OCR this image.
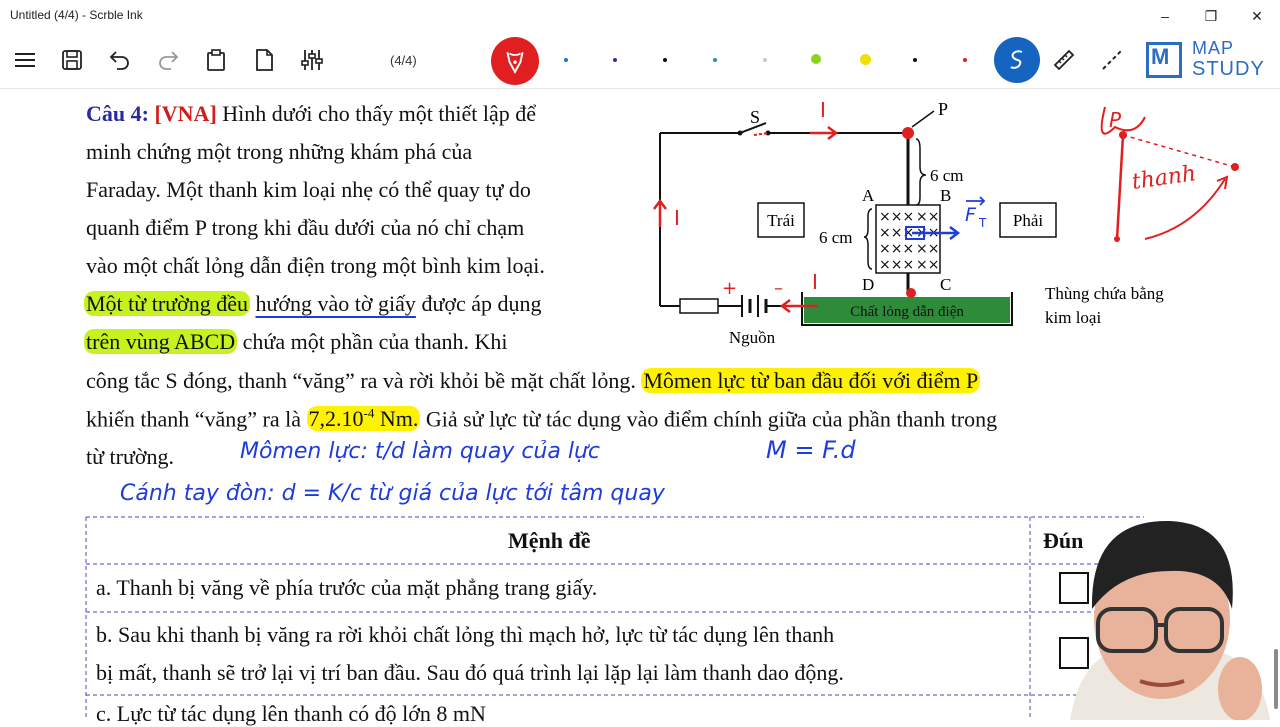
Untitled (4/4) - Scrble Ink	–	❐	✕
(4/4)	M MAP
STUDY
Câu 4: [VNA] Hình dưới cho thấy một thiết lập để
minh chứng một trong những khám phá của
Faraday. Một thanh kim loại nhẹ có thể quay tự do
quanh điểm P trong khi đầu dưới của nó chỉ chạm
vào một chất lỏng dẫn điện trong một bình kim loại.
Một từ trường đều hướng vào tờ giấy được áp dụng
trên vùng ABCD chứa một phần của thanh. Khi
công tắc S đóng, thanh “văng” ra và rời khỏi bề mặt chất lỏng. Mômen lực từ ban đầu đối với điểm P
khiến thanh “văng” ra là $7,2.10^{-4}$ Nm. Giả sử lực từ tác dụng vào điểm chính giữa của phần thanh trong
từ trường.	Mômen lực: t/d làm quay của lực	M = F.d
Cánh tay đòn: d = K/c từ giá của lực tới tâm quay
Chất lỏng dẫn điện
6 cm
P
S
××× ××
××× ××
××× ××
××× ××
A	B
D	C
6 cm
Trái	Phải
F T
I
I
I
+ –
Nguồn
Thùng chứa bằng
kim loại
P
thanh
Mệnh đề	Đún
a. Thanh bị văng về phía trước của mặt phẳng trang giấy.
b. Sau khi thanh bị văng ra rời khỏi chất lỏng thì mạch hở, lực từ tác dụng lên thanh
bị mất, thanh sẽ trở lại vị trí ban đầu. Sau đó quá trình lại lặp lại làm thanh dao động.
c. Lực từ tác dụng lên thanh có độ lớn 8 mN
